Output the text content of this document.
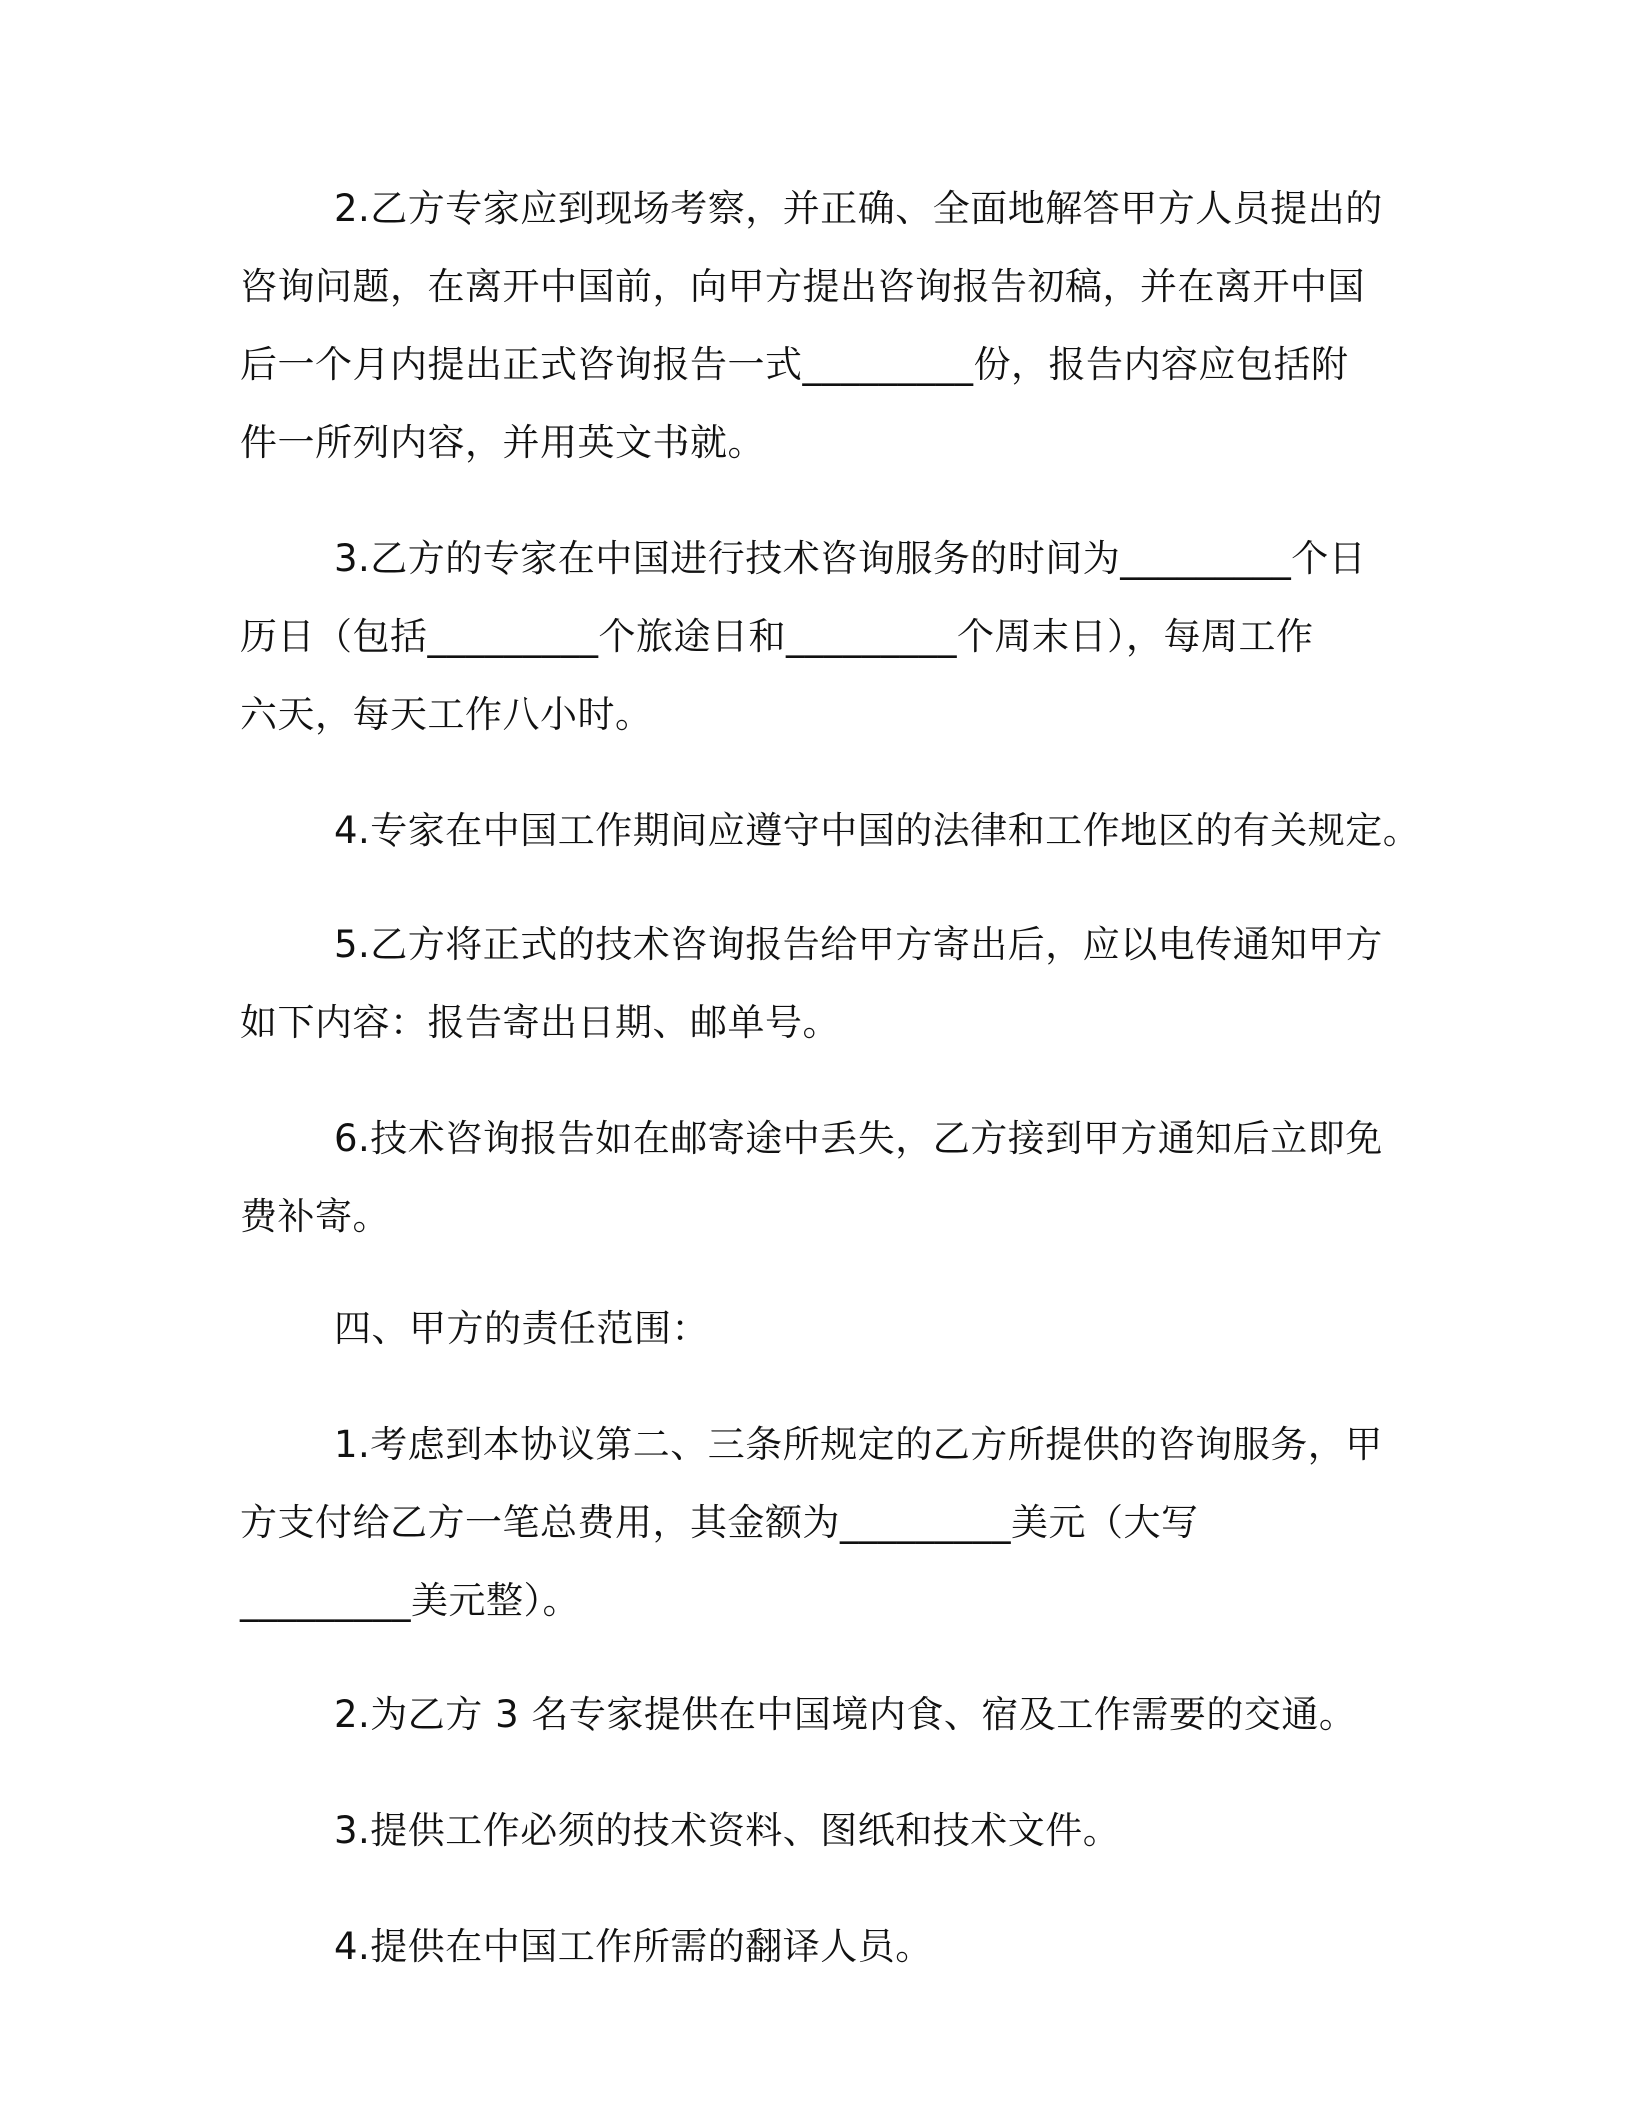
2.乙方专家应到现场考察，并正确、全面地解答甲方人员提出的
咨询问题，在离开中国前，向甲方提出咨询报告初稿，并在离开中国
后一个月内提出正式咨询报告一式_________份，报告内容应包括附
件一所列内容，并用英文书就。
3.乙方的专家在中国进行技术咨询服务的时间为_________个日
历日（包括_________个旅途日和_________个周末日），每周工作
六天，每天工作八小时。
4.专家在中国工作期间应遵守中国的法律和工作地区的有关规定。
5.乙方将正式的技术咨询报告给甲方寄出后，应以电传通知甲方
如下内容：报告寄出日期、邮单号。
6.技术咨询报告如在邮寄途中丢失，乙方接到甲方通知后立即免
费补寄。
四、甲方的责任范围：
1.考虑到本协议第二、三条所规定的乙方所提供的咨询服务，甲
方支付给乙方一笔总费用，其金额为_________美元（大写
_________美元整）。
2.为乙方 3 名专家提供在中国境内食、宿及工作需要的交通。
3.提供工作必须的技术资料、图纸和技术文件。
4.提供在中国工作所需的翻译人员。
